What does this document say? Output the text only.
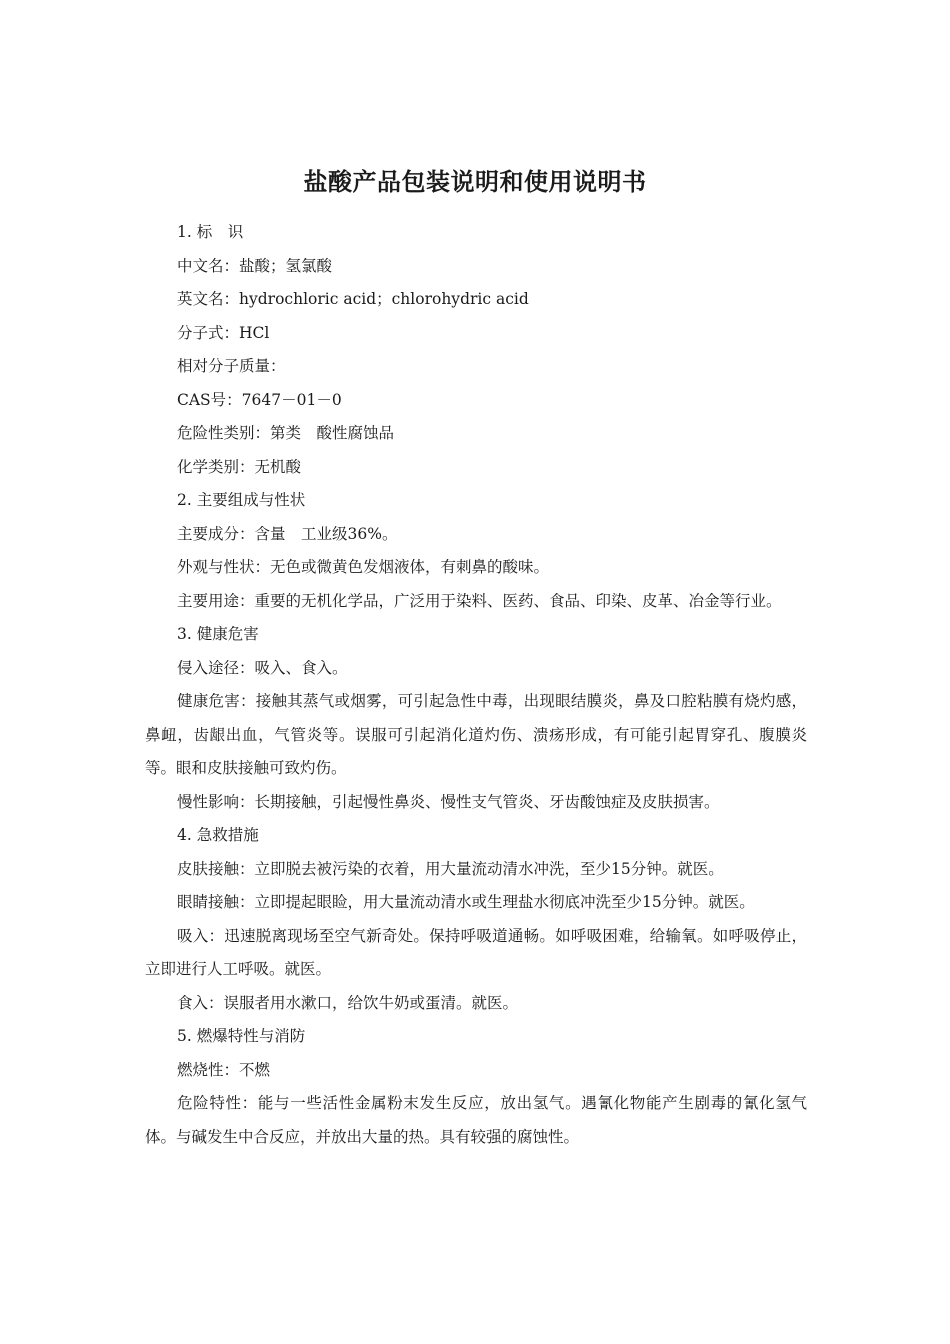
盐酸产品包装说明和使用说明书

1. 标　识

中文名：盐酸；氢氯酸

英文名：hydrochloric acid；chlorohydric acid

分子式：HCl

相对分子质量：

CAS号：7647－01－0

危险性类别：第类　酸性腐蚀品

化学类别：无机酸

2. 主要组成与性状

主要成分：含量　工业级36%。

外观与性状：无色或微黄色发烟液体，有刺鼻的酸味。

主要用途：重要的无机化学品，广泛用于染料、医药、食品、印染、皮革、冶金等行业。

3. 健康危害

侵入途径：吸入、食入。

健康危害：接触其蒸气或烟雾，可引起急性中毒，出现眼结膜炎，鼻及口腔粘膜有烧灼感，鼻衄，齿龈出血，气管炎等。误服可引起消化道灼伤、溃疡形成，有可能引起胃穿孔、腹膜炎等。眼和皮肤接触可致灼伤。

慢性影响：长期接触，引起慢性鼻炎、慢性支气管炎、牙齿酸蚀症及皮肤损害。

4. 急救措施

皮肤接触：立即脱去被污染的衣着，用大量流动清水冲洗，至少15分钟。就医。

眼睛接触：立即提起眼睑，用大量流动清水或生理盐水彻底冲洗至少15分钟。就医。

吸入：迅速脱离现场至空气新奇处。保持呼吸道通畅。如呼吸困难，给输氧。如呼吸停止，立即进行人工呼吸。就医。

食入：误服者用水漱口，给饮牛奶或蛋清。就医。

5. 燃爆特性与消防

燃烧性：不燃

危险特性：能与一些活性金属粉末发生反应，放出氢气。遇氰化物能产生剧毒的氰化氢气体。与碱发生中合反应，并放出大量的热。具有较强的腐蚀性。
